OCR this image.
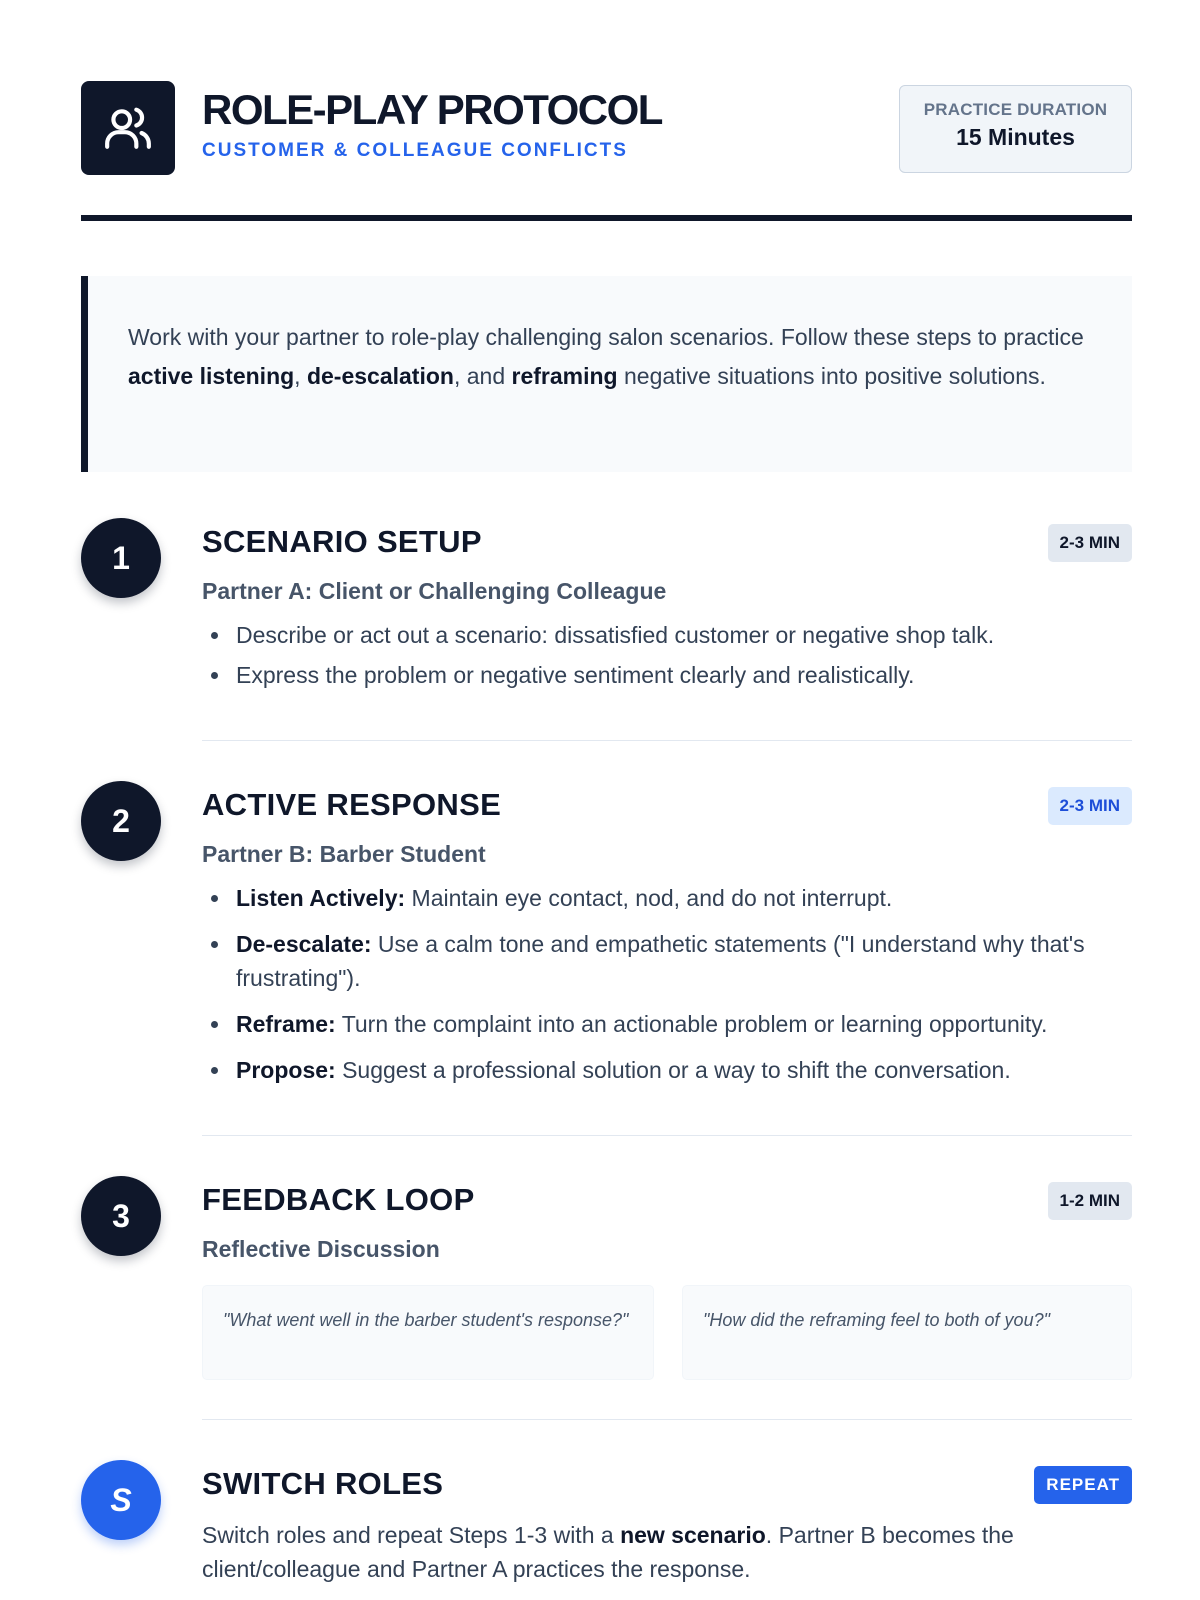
ROLE-PLAY PROTOCOL
CUSTOMER & COLLEAGUE CONFLICTS
PRACTICE DURATION
15 Minutes
Work with your partner to role-play challenging salon scenarios. Follow these steps to practice active listening, de-escalation, and reframing negative situations into positive solutions.
1	SCENARIO SETUP	2-3 MIN
Partner A: Client or Challenging Colleague
Describe or act out a scenario: dissatisfied customer or negative shop talk.
Express the problem or negative sentiment clearly and realistically.
2	ACTIVE RESPONSE	2-3 MIN
Partner B: Barber Student
Listen Actively: Maintain eye contact, nod, and do not interrupt.
De-escalate: Use a calm tone and empathetic statements ("I understand why that's frustrating").
Reframe: Turn the complaint into an actionable problem or learning opportunity.
Propose: Suggest a professional solution or a way to shift the conversation.
3	FEEDBACK LOOP	1-2 MIN
Reflective Discussion
"What went well in the barber student's response?"	"How did the reframing feel to both of you?"
S	SWITCH ROLES	REPEAT
Switch roles and repeat Steps 1-3 with a new scenario. Partner B becomes the client/colleague and Partner A practices the response.
